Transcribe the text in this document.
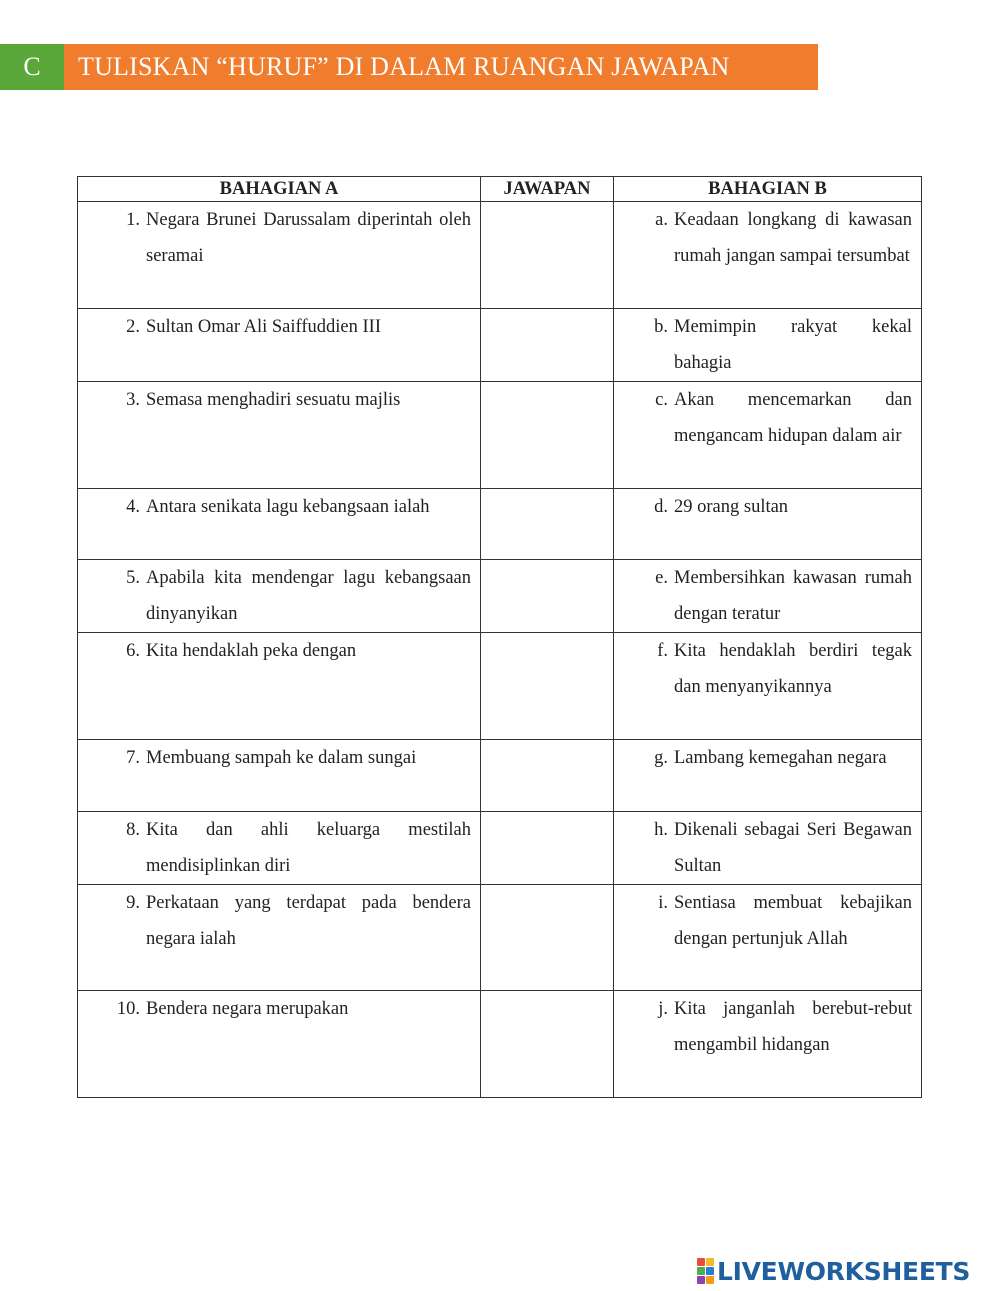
C	TULISKAN “HURUF” DI DALAM RUANGAN JAWAPAN
BAHAGIAN A	JAWAPAN	BAHAGIAN B

1. Negara Brunei Darussalam diperintah oleh seramai		a. Keadaan longkang di kawasan rumah jangan sampai tersumbat

2. Sultan Omar Ali Saiffuddien III		b. Memimpin rakyat kekal bahagia

3. Semasa menghadiri sesuatu majlis		c. Akan mencemarkan dan mengancam hidupan dalam air

4. Antara senikata lagu kebangsaan ialah		d. 29 orang sultan

5. Apabila kita mendengar lagu kebangsaan dinyanyikan		e. Membersihkan kawasan rumah dengan teratur

6. Kita hendaklah peka dengan		f. Kita hendaklah berdiri tegak dan menyanyikannya

7. Membuang sampah ke dalam sungai		g. Lambang kemegahan negara

8. Kita dan ahli keluarga mestilah mendisiplinkan diri		h. Dikenali sebagai Seri Begawan Sultan

9. Perkataan yang terdapat pada bendera negara ialah		i. Sentiasa membuat kebajikan dengan pertunjuk Allah

10. Bendera negara merupakan		j. Kita janganlah berebut-rebut mengambil hidangan
LIVEWORKSHEETS
